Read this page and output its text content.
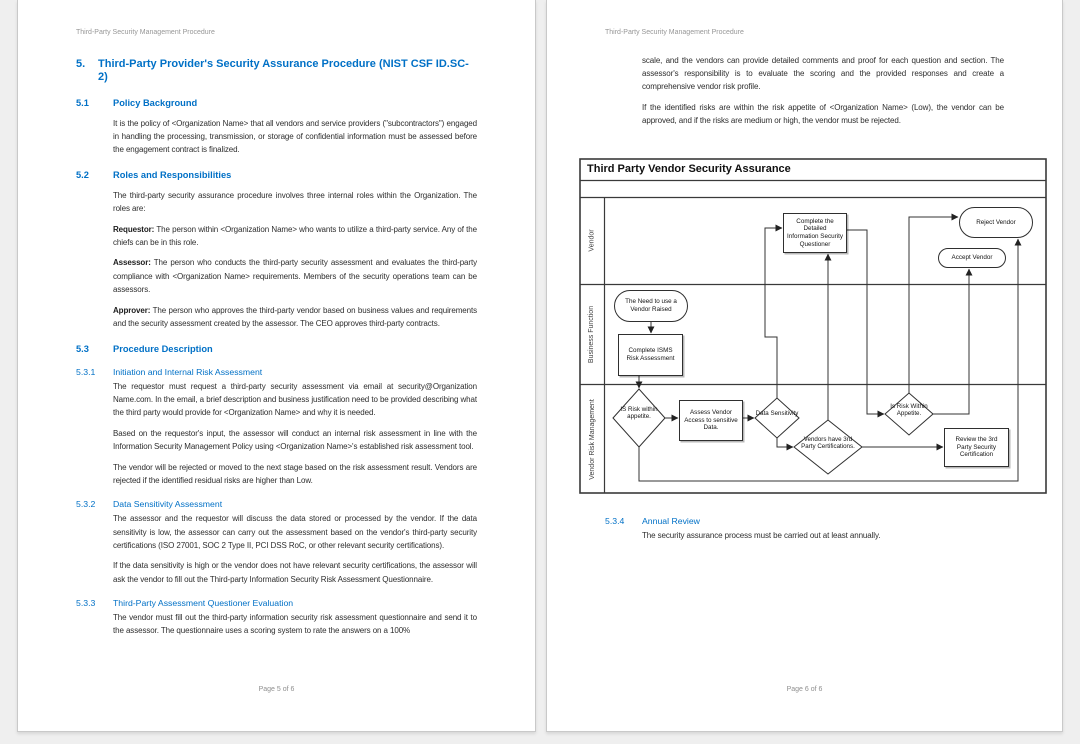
Third-Party Security Management Procedure
5.	Third-Party Provider's Security Assurance Procedure (NIST CSF ID.SC-2)
5.1	Policy Background

It is the policy of <Organization Name> that all vendors and service providers ("subcontractors") engaged in handling the processing, transmission, or storage of confidential information must be assessed before the engagement contract is finalized.

5.2	Roles and Responsibilities

The third-party security assurance procedure involves three internal roles within the Organization. The roles are:

Requestor: The person within <Organization Name> who wants to utilize a third-party service. Any of the chiefs can be in this role.

Assessor: The person who conducts the third-party security assessment and evaluates the third-party compliance with <Organization Name> requirements. Members of the security operations team can be assessors.

Approver: The person who approves the third-party vendor based on business values and requirements and the security assessment created by the assessor. The CEO approves third-party contracts.

5.3	Procedure Description
5.3.1	Initiation and Internal Risk Assessment

The requestor must request a third-party security assessment via email at security@Organization Name.com. In the email, a brief description and business justification need to be provided describing what the third party would provide for <Organization Name> and why it is needed.

Based on the requestor's input, the assessor will conduct an internal risk assessment in line with the Information Security Management Policy using <Organization Name>'s established risk assessment tool.

The vendor will be rejected or moved to the next stage based on the risk assessment result. Vendors are rejected if the identified residual risks are higher than Low.

5.3.2	Data Sensitivity Assessment

The assessor and the requestor will discuss the data stored or processed by the vendor. If the data sensitivity is low, the assessor can carry out the assessment based on the vendor's third-party security certifications (ISO 27001, SOC 2 Type II, PCI DSS RoC, or other relevant security certifications).

If the data sensitivity is high or the vendor does not have relevant security certifications, the assessor will ask the vendor to fill out the Third-party Information Security Risk Assessment Questionnaire.

5.3.3	Third-Party Assessment Questioner Evaluation

The vendor must fill out the third-party information security risk assessment questionnaire and send it to the assessor. The questionnaire uses a scoring system to rate the answers on a 100%

Page 5 of 6
Third-Party Security Management Procedure

scale, and the vendors can provide detailed comments and proof for each question and section. The assessor's responsibility is to evaluate the scoring and the provided responses and create a comprehensive vendor risk profile.

If the identified risks are within the risk appetite of <Organization Name> (Low), the vendor can be approved, and if the risks are medium or high, the vendor must be rejected.

Third Party Vendor Security Assurance
Vendor
Business Function
Vendor Risk Management
Complete the Detailed Information Security Questioner
Reject Vendor
Accept Vendor
The Need to use a Vendor Raised
Complete ISMS Risk Assessment
Assess Vendor Access to sensitive Data.
Review the 3rd Party Security Certification
IS Risk within appetite.	Data Sensitivity
Vendors have 3rd Party Certifications.
Is Risk Within Appetite.
5.3.4	Annual Review

The security assurance process must be carried out at least annually.

Page 6 of 6
